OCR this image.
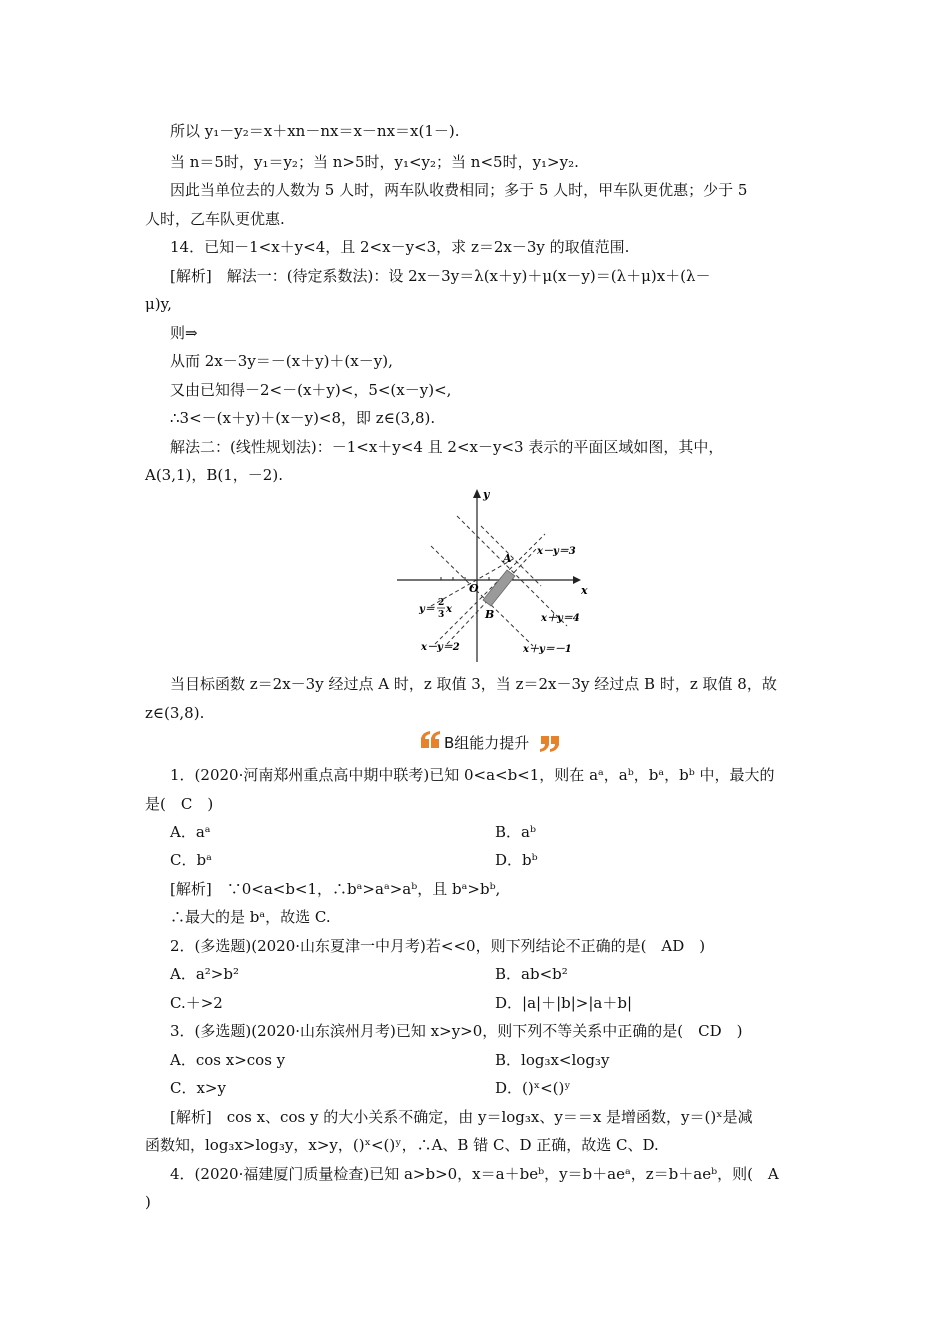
所以 y₁－y₂＝x＋xn－nx＝x－nx＝x(1－).
当 n＝5时，y₁＝y₂；当 n>5时，y₁<y₂；当 n<5时，y₁>y₂.
因此当单位去的人数为 5 人时，两车队收费相同；多于 5 人时，甲车队更优惠；少于 5
人时，乙车队更优惠.
14．已知－1<x＋y<4，且 2<x－y<3，求 z＝2x－3y 的取值范围.
[解析]　解法一：(待定系数法)：设 2x－3y＝λ(x＋y)＋μ(x－y)＝(λ＋μ)x＋(λ－
μ)y,
则⇒
从而 2x－3y＝－(x＋y)＋(x－y),
又由已知得－2<－(x＋y)<，5<(x－y)<,
∴3<－(x＋y)＋(x－y)<8，即 z∈(3,8).
解法二：(线性规划法)：－1<x＋y<4 且 2<x－y<3 表示的平面区域如图，其中，
A(3,1)，B(1，－2).
y
x
O
A
B
x－y＝3
x＋y＝4
x＋y＝－1
x－y＝2
y＝
2
3 x
当目标函数 z＝2x－3y 经过点 A 时，z 取值 3，当 z＝2x－3y 经过点 B 时，z 取值 8，故
z∈(3,8).
B组能力提升
1．(2020·河南郑州重点高中期中联考)已知 0<a<b<1，则在 aᵃ，aᵇ，bᵃ，bᵇ 中，最大的
是(　C　)
A．aᵃ	B．aᵇ
C．bᵃ	D．bᵇ
[解析]　∵0<a<b<1，∴bᵃ>aᵃ>aᵇ，且 bᵃ>bᵇ,
∴最大的是 bᵃ，故选 C.
2．(多选题)(2020·山东夏津一中月考)若<<0，则下列结论不正确的是(　AD　)
A．a²>b²	B．ab<b²
C.＋>2	D．|a|＋|b|>|a＋b|
3．(多选题)(2020·山东滨州月考)已知 x>y>0，则下列不等关系中正确的是(　CD　)
A．cos x>cos y	B．log₃x<log₃y
C．x>y	D．()ˣ<()ʸ
[解析]　cos x、cos y 的大小关系不确定，由 y＝log₃x、y＝＝x 是增函数，y＝()ˣ是减
函数知，log₃x>log₃y，x>y，()ˣ<()ʸ，∴A、B 错 C、D 正确，故选 C、D.
4．(2020·福建厦门质量检查)已知 a>b>0，x＝a＋beᵇ，y＝b＋aeᵃ，z＝b＋aeᵇ，则(　A
)
